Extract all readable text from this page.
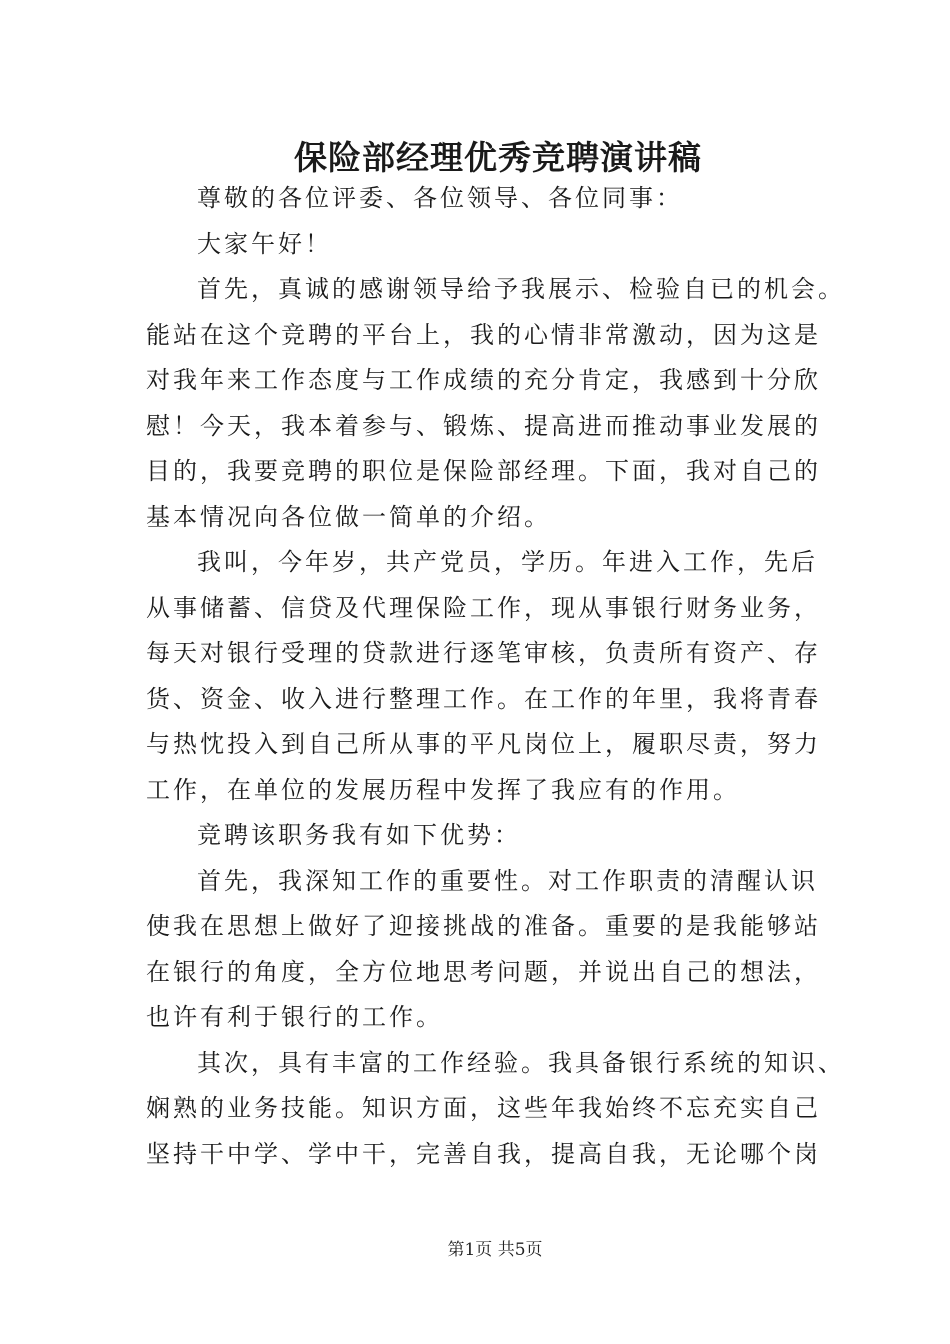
保险部经理优秀竞聘演讲稿
尊敬的各位评委、各位领导、各位同事：
大家午好！
首先，真诚的感谢领导给予我展示、检验自已的机会。
能站在这个竞聘的平台上，我的心情非常激动，因为这是
对我年来工作态度与工作成绩的充分肯定，我感到十分欣
慰！今天，我本着参与、锻炼、提高进而推动事业发展的
目的，我要竞聘的职位是保险部经理。下面，我对自己的
基本情况向各位做一简单的介绍。
我叫，今年岁，共产党员，学历。年进入工作，先后
从事储蓄、信贷及代理保险工作，现从事银行财务业务，
每天对银行受理的贷款进行逐笔审核，负责所有资产、存
货、资金、收入进行整理工作。在工作的年里，我将青春
与热忱投入到自己所从事的平凡岗位上，履职尽责，努力
工作，在单位的发展历程中发挥了我应有的作用。
竞聘该职务我有如下优势：
首先，我深知工作的重要性。对工作职责的清醒认识
使我在思想上做好了迎接挑战的准备。重要的是我能够站
在银行的角度，全方位地思考问题，并说出自己的想法，
也许有利于银行的工作。
其次，具有丰富的工作经验。我具备银行系统的知识、
娴熟的业务技能。知识方面，这些年我始终不忘充实自己
坚持干中学、学中干，完善自我，提高自我，无论哪个岗
第1页 共5页
